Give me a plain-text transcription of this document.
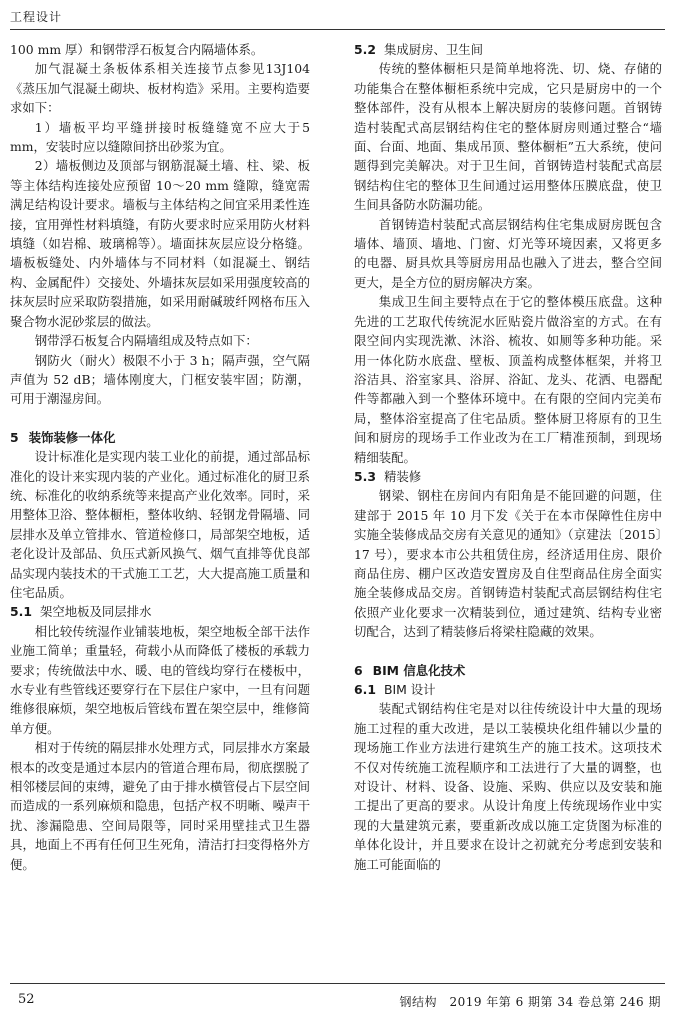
工程设计

100 mm 厚）和钢带浮石板复合内隔墙体系。

加气混凝土条板体系相关连接节点参见13J104《蒸压加气混凝土砌块、板材构造》采用。主要构造要求如下：

1）墙板平均平缝拼接时板缝缝宽不应大于5 mm，安装时应以缝隙间挤出砂浆为宜。

2）墙板侧边及顶部与钢筋混凝土墙、柱、梁、板等主体结构连接处应预留 10～20 mm 缝隙，缝宽需满足结构设计要求。墙板与主体结构之间宜采用柔性连接，宜用弹性材料填缝，有防火要求时应采用防火材料填缝（如岩棉、玻璃棉等）。墙面抹灰层应设分格缝。墙板板缝处、内外墙体与不同材料（如混凝土、钢结构、金属配件）交接处、外墙抹灰层如采用强度较高的抹灰层时应采取防裂措施，如采用耐碱玻纤网格布压入聚合物水泥砂浆层的做法。

钢带浮石板复合内隔墙组成及特点如下：

钢防火（耐火）极限不小于 3 h；隔声强，空气隔声值为 52 dB；墙体刚度大，门框安装牢固；防潮，可用于潮湿房间。

5 装饰装修一体化

设计标准化是实现内装工业化的前提，通过部品标准化的设计来实现内装的产业化。通过标准化的厨卫系统、标准化的收纳系统等来提高产业化效率。同时，采用整体卫浴、整体橱柜，整体收纳、轻钢龙骨隔墙、同层排水及单立管排水、管道检修口，局部架空地板，适老化设计及部品、负压式新风换气、烟气直排等优良部品实现内装技术的干式施工工艺，大大提高施工质量和住宅品质。

5.1 架空地板及同层排水

相比较传统湿作业铺装地板，架空地板全部干法作业施工简单；重量轻，荷载小从而降低了楼板的承载力要求；传统做法中水、暖、电的管线均穿行在楼板中，水专业有些管线还要穿行在下层住户家中，一旦有问题维修很麻烦，架空地板后管线布置在架空层中，维修简单方便。

相对于传统的隔层排水处理方式，同层排水方案最根本的改变是通过本层内的管道合理布局，彻底摆脱了相邻楼层间的束缚，避免了由于排水横管侵占下层空间而造成的一系列麻烦和隐患，包括产权不明晰、噪声干扰、渗漏隐患、空间局限等，同时采用壁挂式卫生器具，地面上不再有任何卫生死角，清洁打扫变得格外方便。

5.2 集成厨房、卫生间

传统的整体橱柜只是简单地将洗、切、烧、存储的功能集合在整体橱柜系统中完成，它只是厨房中的一个整体部件，没有从根本上解决厨房的装修问题。首钢铸造村装配式高层钢结构住宅的整体厨房则通过整合“墙面、台面、地面、集成吊顶、整体橱柜”五大系统，使问题得到完美解决。对于卫生间，首钢铸造村装配式高层钢结构住宅的整体卫生间通过运用整体压膜底盘，使卫生间具备防水防漏功能。

首钢铸造村装配式高层钢结构住宅集成厨房既包含墙体、墙顶、墙地、门窗、灯光等环境因素，又将更多的电器、厨具炊具等厨房用品也融入了进去，整合空间更大，是全方位的厨房解决方案。

集成卫生间主要特点在于它的整体模压底盘。这种先进的工艺取代传统泥水匠贴瓷片做浴室的方式。在有限空间内实现洗漱、沐浴、梳妆、如厕等多种功能。采用一体化防水底盘、壁板、顶盖构成整体框架，并将卫浴洁具、浴室家具、浴屏、浴缸、龙头、花洒、电器配件等都融入到一个整体环境中。在有限的空间内完美布局，整体浴室提高了住宅品质。整体厨卫将原有的卫生间和厨房的现场手工作业改为在工厂精准预制，到现场精细装配。

5.3 精装修

钢梁、钢柱在房间内有阳角是不能回避的问题，住建部于 2015 年 10 月下发《关于在本市保障性住房中实施全装修成品交房有关意见的通知》（京建法〔2015〕17 号），要求本市公共租赁住房，经济适用住房、限价商品住房、棚户区改造安置房及自住型商品住房全面实施全装修成品交房。首钢铸造村装配式高层钢结构住宅依照产业化要求一次精装到位，通过建筑、结构专业密切配合，达到了精装修后将梁柱隐藏的效果。

6 BIM 信息化技术
6.1 BIM 设计

装配式钢结构住宅是对以往传统设计中大量的现场施工过程的重大改进，是以工装模块化组件辅以少量的现场施工作业方法进行建筑生产的施工技术。这项技术不仅对传统施工流程顺序和工法进行了大量的调整，也对设计、材料、设备、设施、采购、供应以及安装和施工提出了更高的要求。从设计角度上传统现场作业中实现的大量建筑元素，要重新改成以施工定货图为标准的单体化设计，并且要求在设计之初就充分考虑到安装和施工可能面临的

52	钢结构　2019 年第 6 期第 34 卷总第 246 期
